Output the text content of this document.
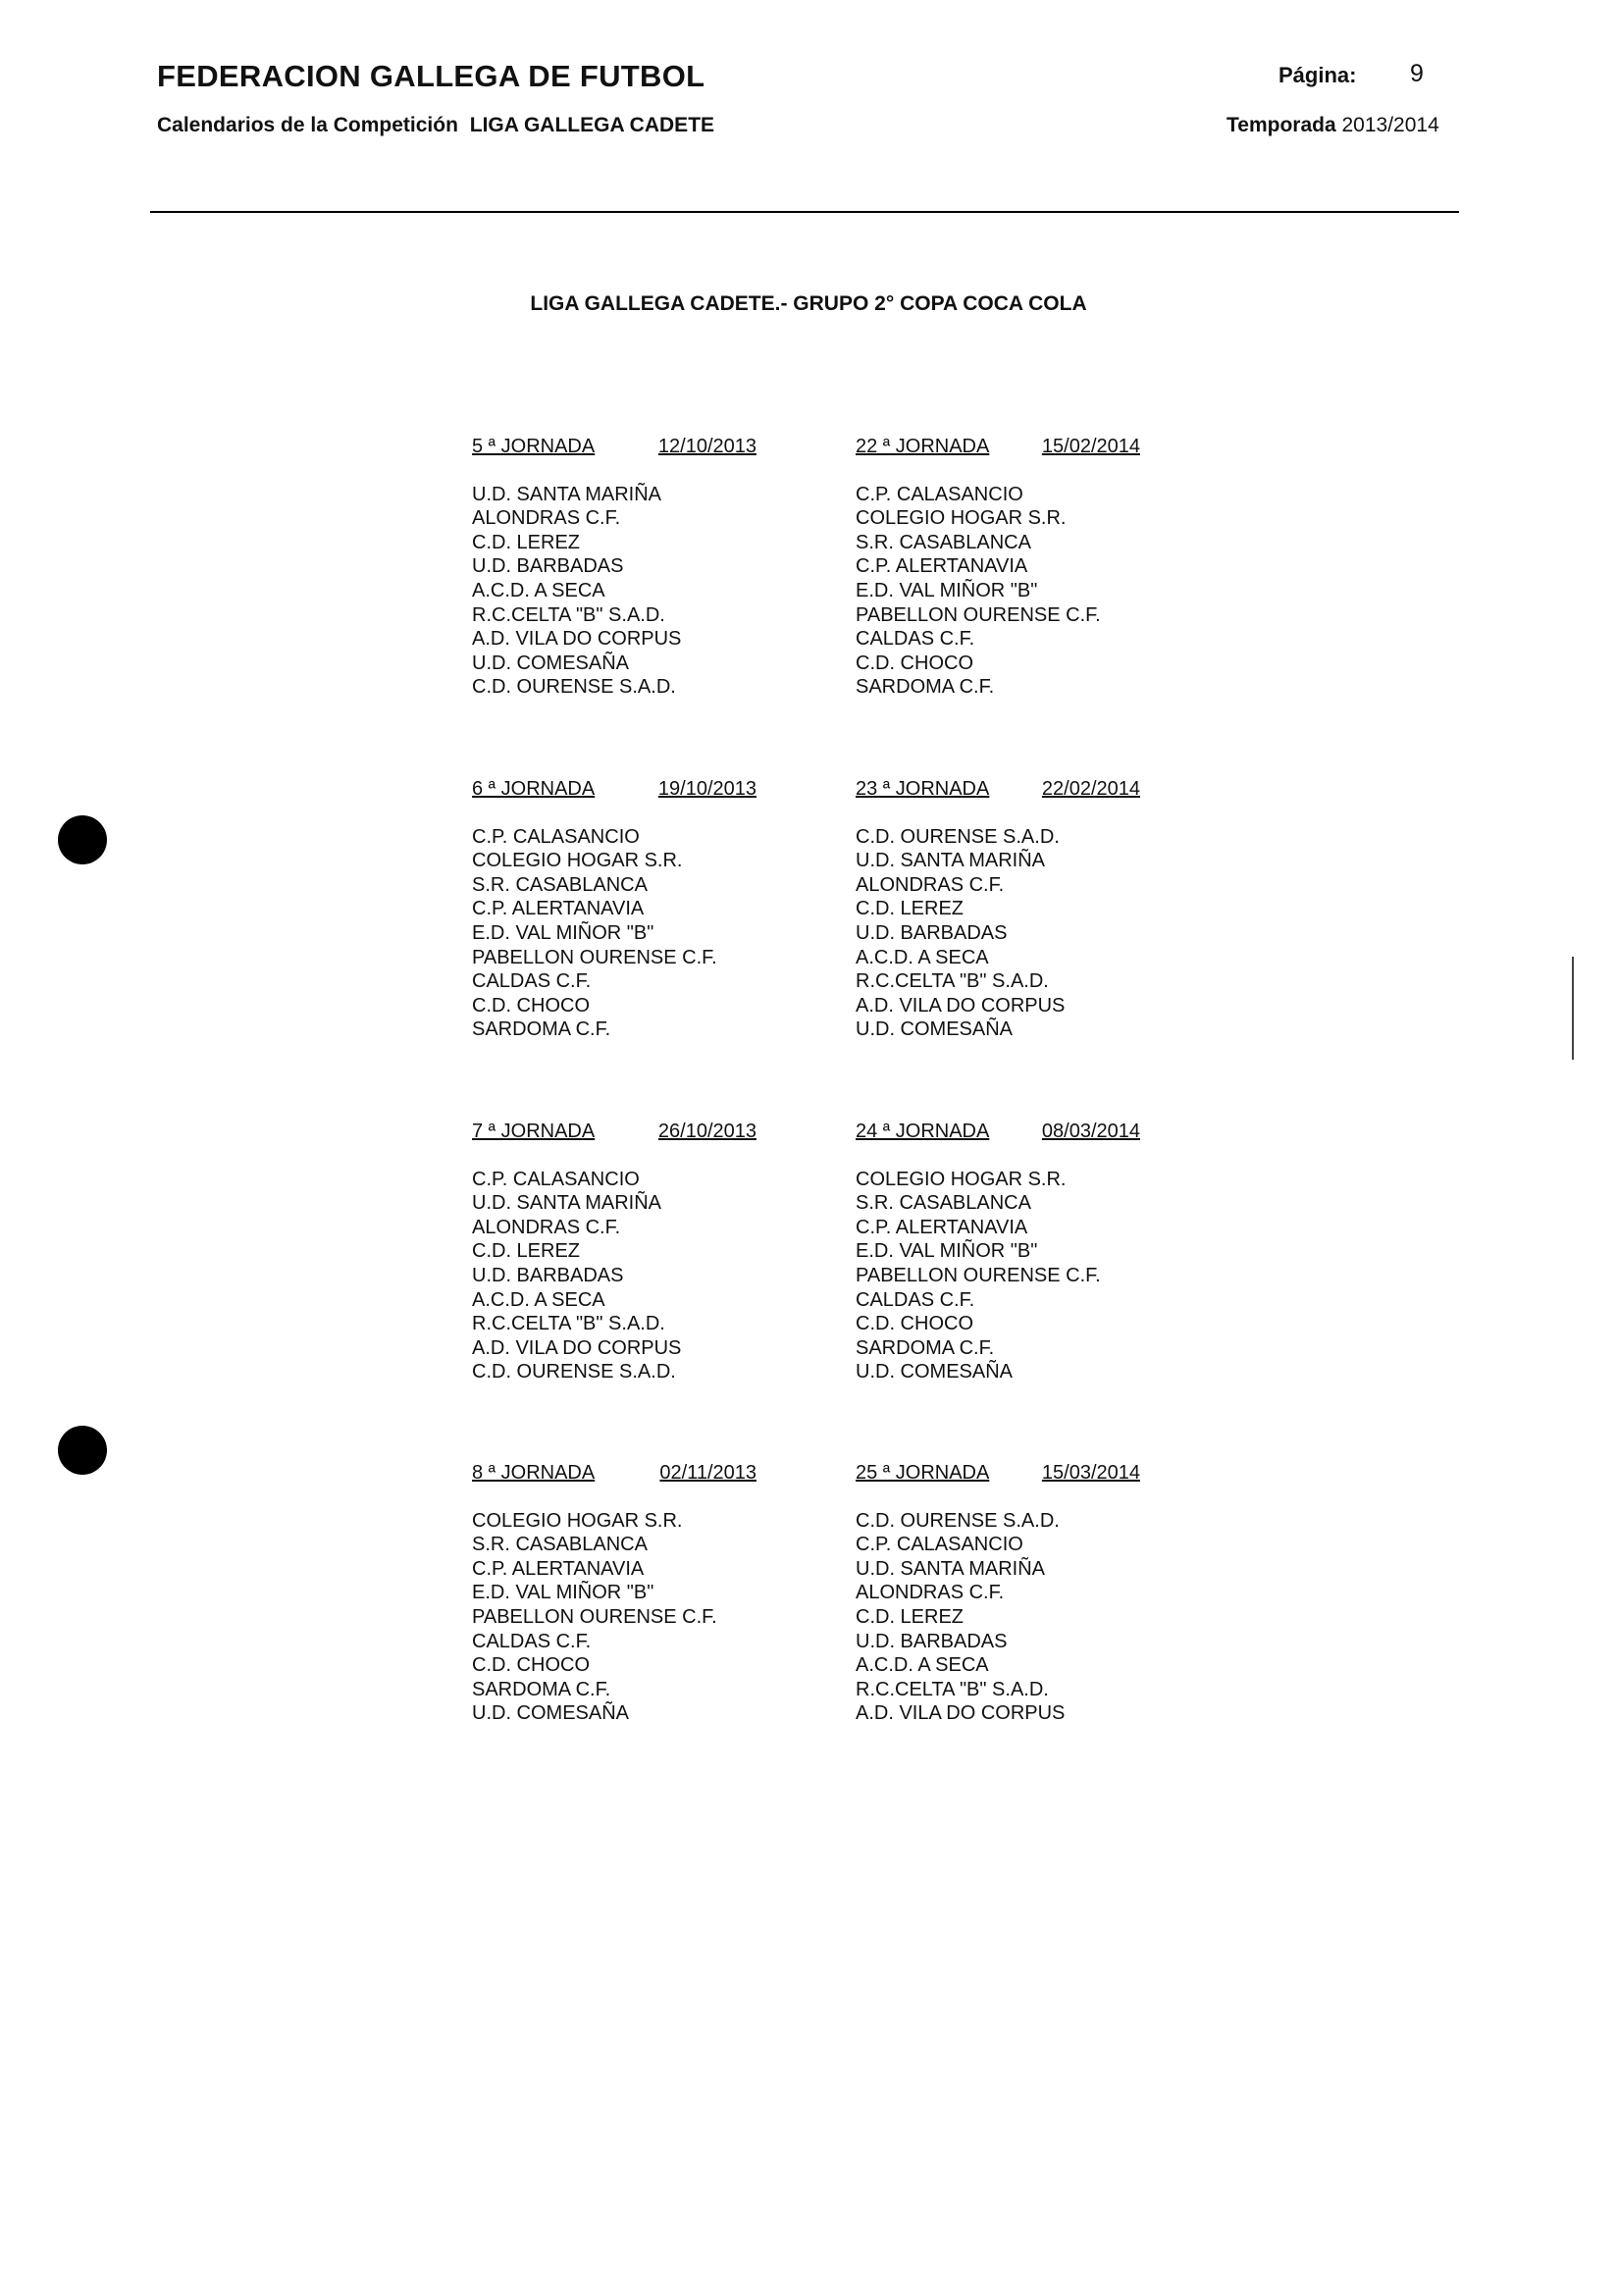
FEDERACION GALLEGA DE FUTBOL
Calendarios de la Competición LIGA GALLEGA CADETE
Página: 9
Temporada 2013/2014
LIGA GALLEGA CADETE.- GRUPO 2° COPA COCA COLA
5 ª JORNADA	12/10/2013
U.D. SANTA MARIÑA
ALONDRAS C.F.
C.D. LEREZ
U.D. BARBADAS
A.C.D. A SECA
R.C.CELTA "B" S.A.D.
A.D. VILA DO CORPUS
U.D. COMESAÑA
C.D. OURENSE S.A.D.
22 ª JORNADA	15/02/2014
C.P. CALASANCIO
COLEGIO HOGAR S.R.
S.R. CASABLANCA
C.P. ALERTANAVIA
E.D. VAL MIÑOR "B"
PABELLON OURENSE C.F.
CALDAS C.F.
C.D. CHOCO
SARDOMA C.F.
6 ª JORNADA	19/10/2013
C.P. CALASANCIO
COLEGIO HOGAR S.R.
S.R. CASABLANCA
C.P. ALERTANAVIA
E.D. VAL MIÑOR "B"
PABELLON OURENSE C.F.
CALDAS C.F.
C.D. CHOCO
SARDOMA C.F.
23 ª JORNADA	22/02/2014
C.D. OURENSE S.A.D.
U.D. SANTA MARIÑA
ALONDRAS C.F.
C.D. LEREZ
U.D. BARBADAS
A.C.D. A SECA
R.C.CELTA "B" S.A.D.
A.D. VILA DO CORPUS
U.D. COMESAÑA
7 ª JORNADA	26/10/2013
C.P. CALASANCIO
U.D. SANTA MARIÑA
ALONDRAS C.F.
C.D. LEREZ
U.D. BARBADAS
A.C.D. A SECA
R.C.CELTA "B" S.A.D.
A.D. VILA DO CORPUS
C.D. OURENSE S.A.D.
24 ª JORNADA	08/03/2014
COLEGIO HOGAR S.R.
S.R. CASABLANCA
C.P. ALERTANAVIA
E.D. VAL MIÑOR "B"
PABELLON OURENSE C.F.
CALDAS C.F.
C.D. CHOCO
SARDOMA C.F.
U.D. COMESAÑA
8 ª JORNADA	02/11/2013
COLEGIO HOGAR S.R.
S.R. CASABLANCA
C.P. ALERTANAVIA
E.D. VAL MIÑOR "B"
PABELLON OURENSE C.F.
CALDAS C.F.
C.D. CHOCO
SARDOMA C.F.
U.D. COMESAÑA
25 ª JORNADA	15/03/2014
C.D. OURENSE S.A.D.
C.P. CALASANCIO
U.D. SANTA MARIÑA
ALONDRAS C.F.
C.D. LEREZ
U.D. BARBADAS
A.C.D. A SECA
R.C.CELTA "B" S.A.D.
A.D. VILA DO CORPUS
